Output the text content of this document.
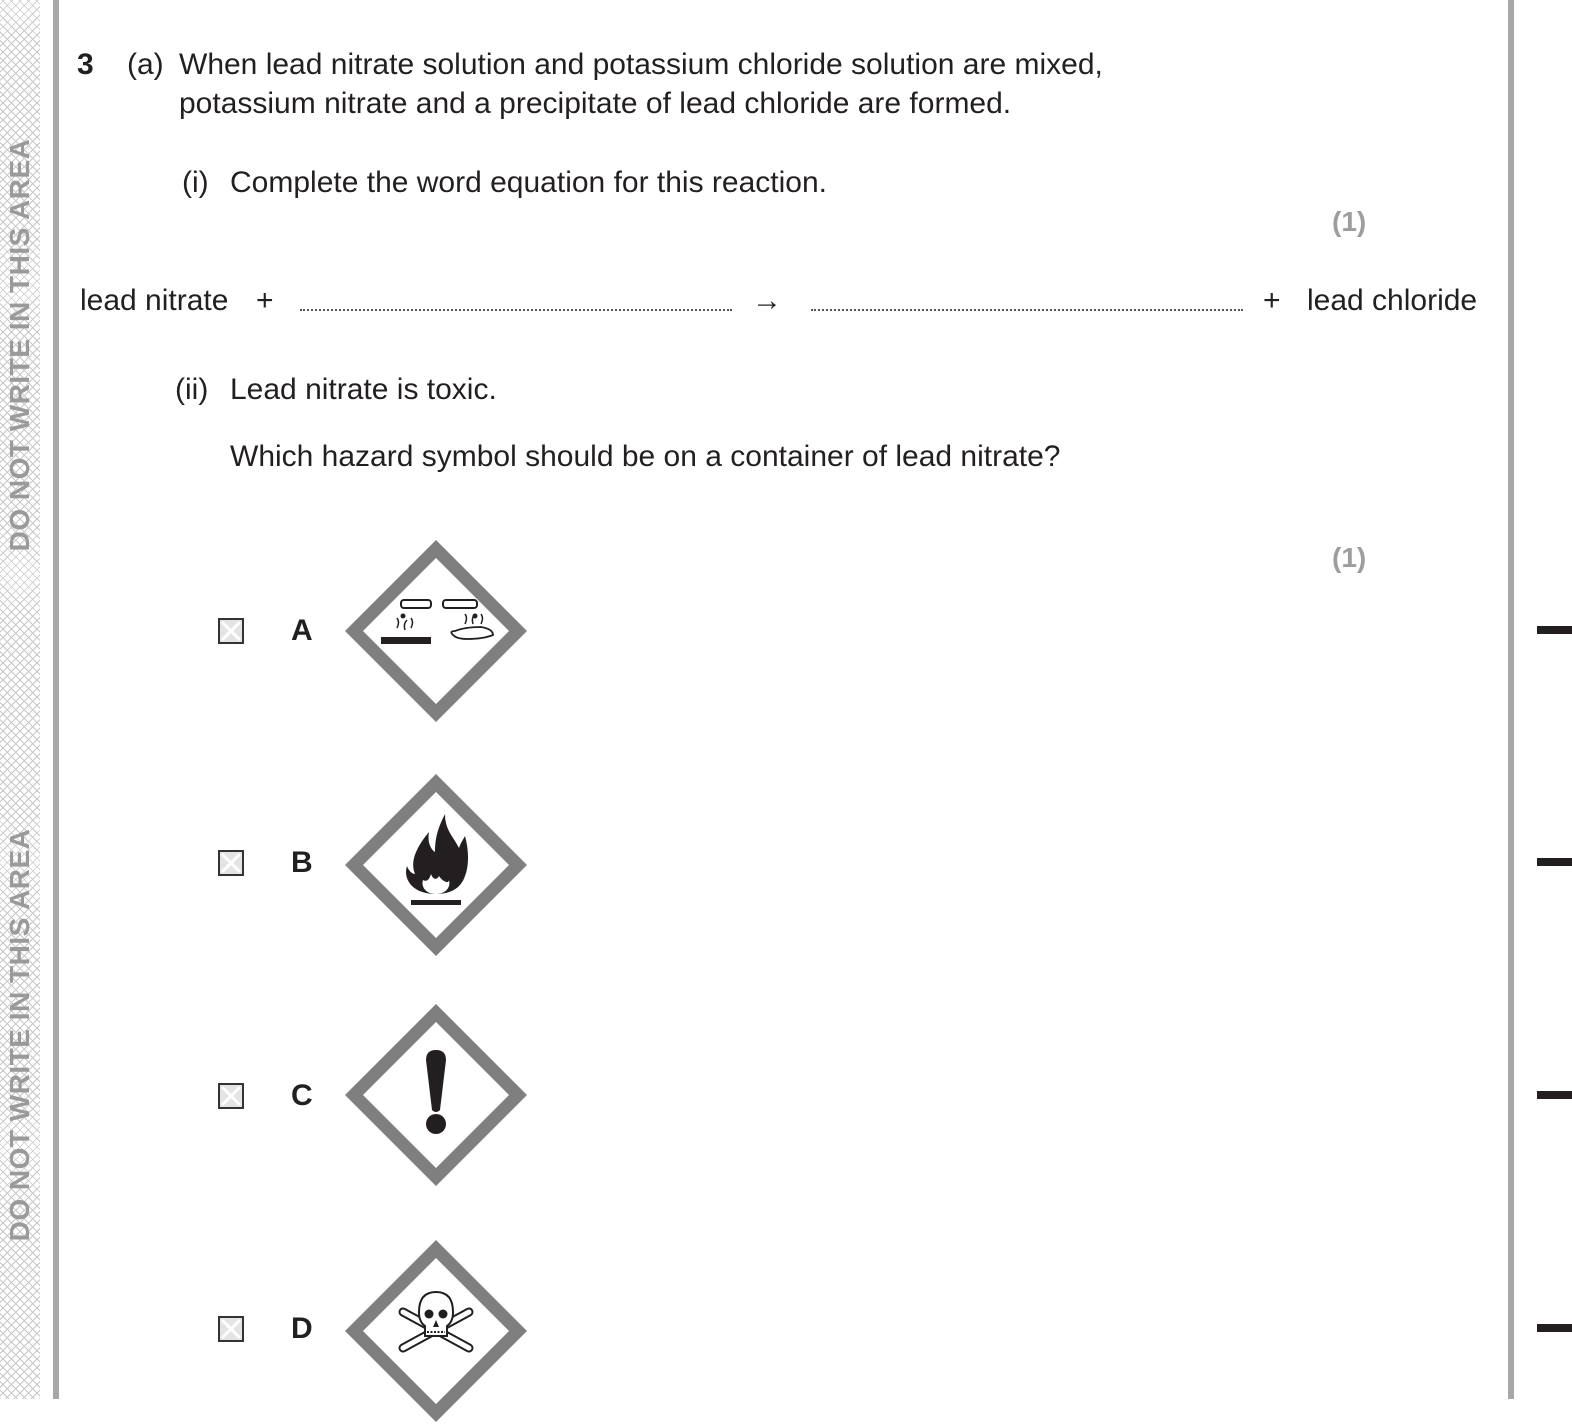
DO NOT WRITE IN THIS AREA
DO NOT WRITE IN THIS AREA
3 (a) When lead nitrate solution and potassium chloride solution are mixed,
potassium nitrate and a precipitate of lead chloride are formed.
(i) Complete the word equation for this reaction.
(1)
lead nitrate +	→	+ lead chloride
(ii) Lead nitrate is toxic.
Which hazard symbol should be on a container of lead nitrate?
(1)
A
B
C
D
